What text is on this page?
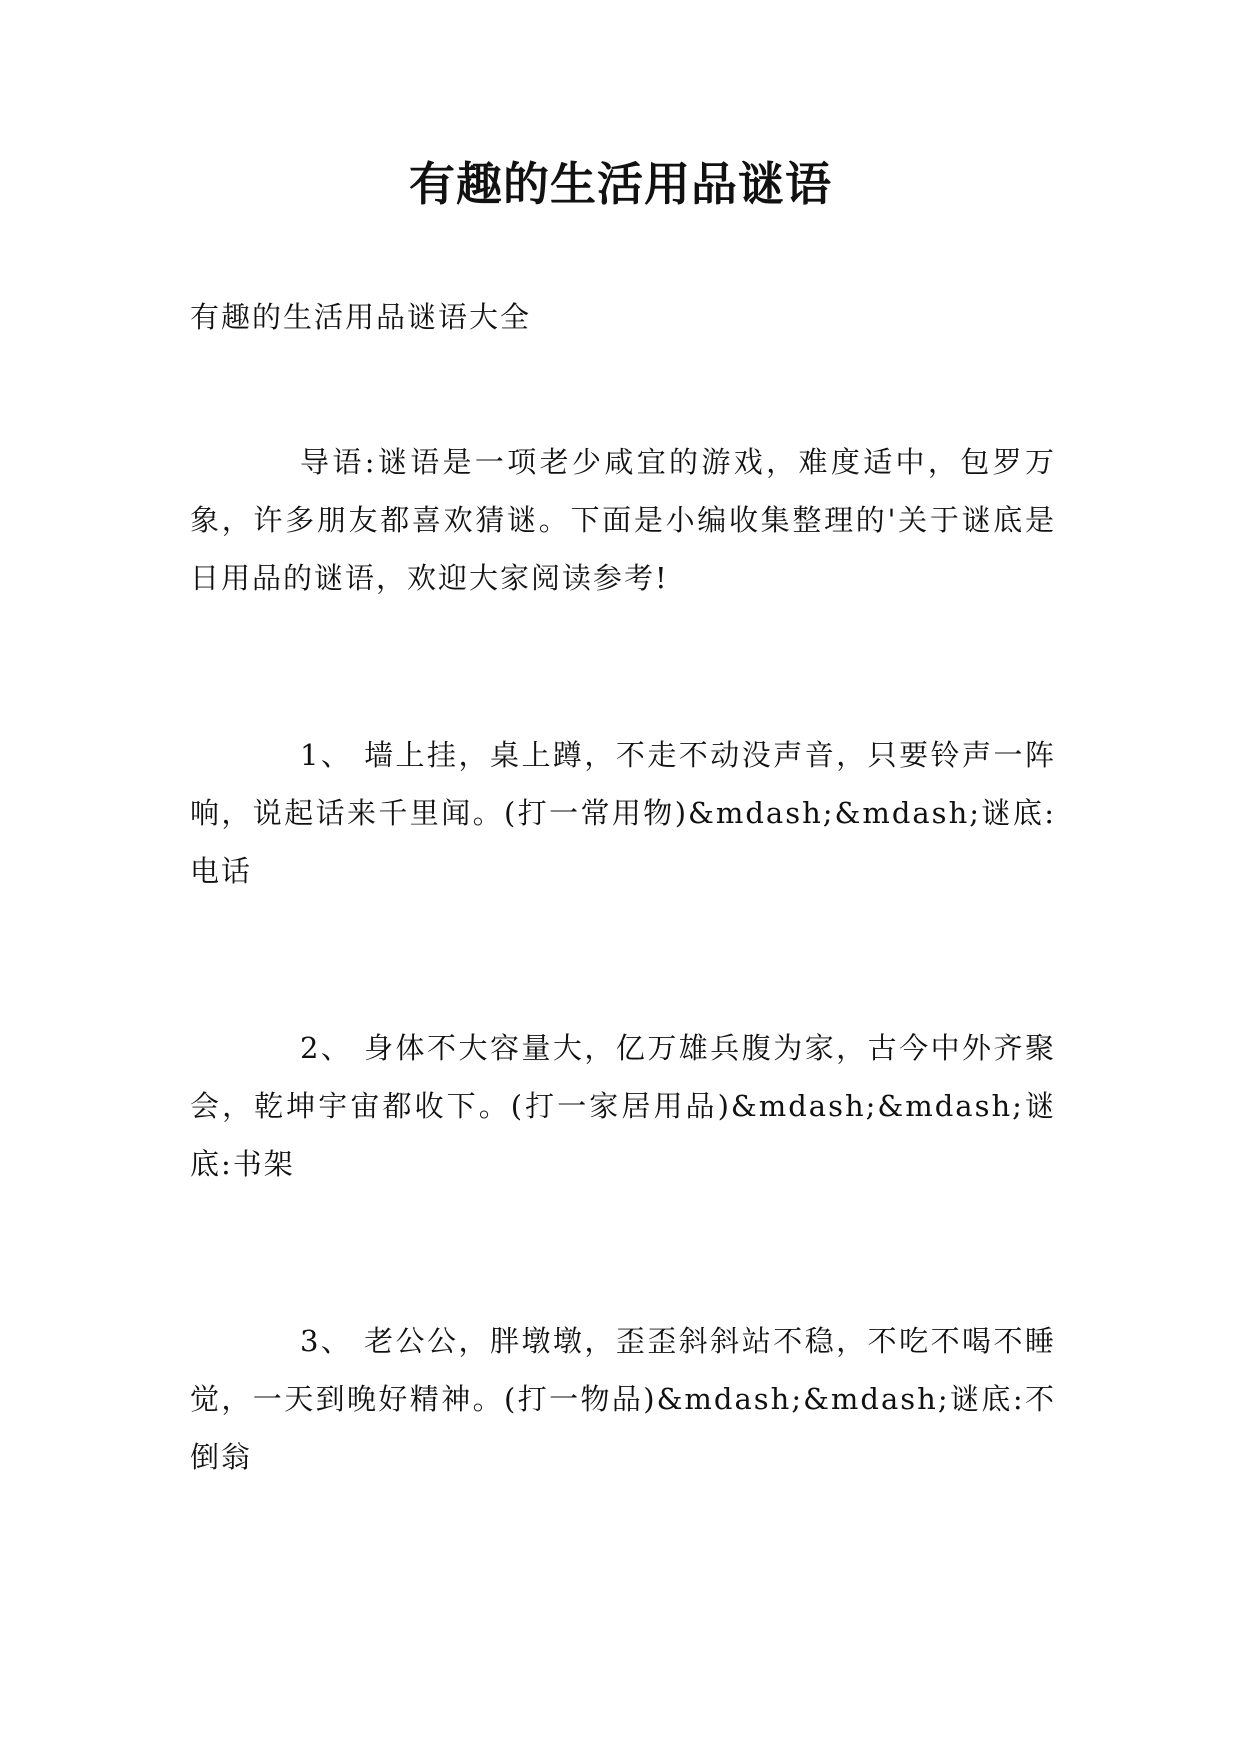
有趣的生活用品谜语
有趣的生活用品谜语大全

导语:谜语是一项老少咸宜的游戏，难度适中，包罗万象，许多朋友都喜欢猜谜。下面是小编收集整理的'关于谜底是日用品的谜语，欢迎大家阅读参考!

1、 墙上挂，桌上蹲，不走不动没声音，只要铃声一阵响，说起话来千里闻。(打一常用物)&mdash;&mdash;谜底:电话

2、 身体不大容量大，亿万雄兵腹为家，古今中外齐聚会，乾坤宇宙都收下。(打一家居用品)&mdash;&mdash;谜底:书架

3、 老公公，胖墩墩，歪歪斜斜站不稳，不吃不喝不睡觉，一天到晚好精神。(打一物品)&mdash;&mdash;谜底:不倒翁
